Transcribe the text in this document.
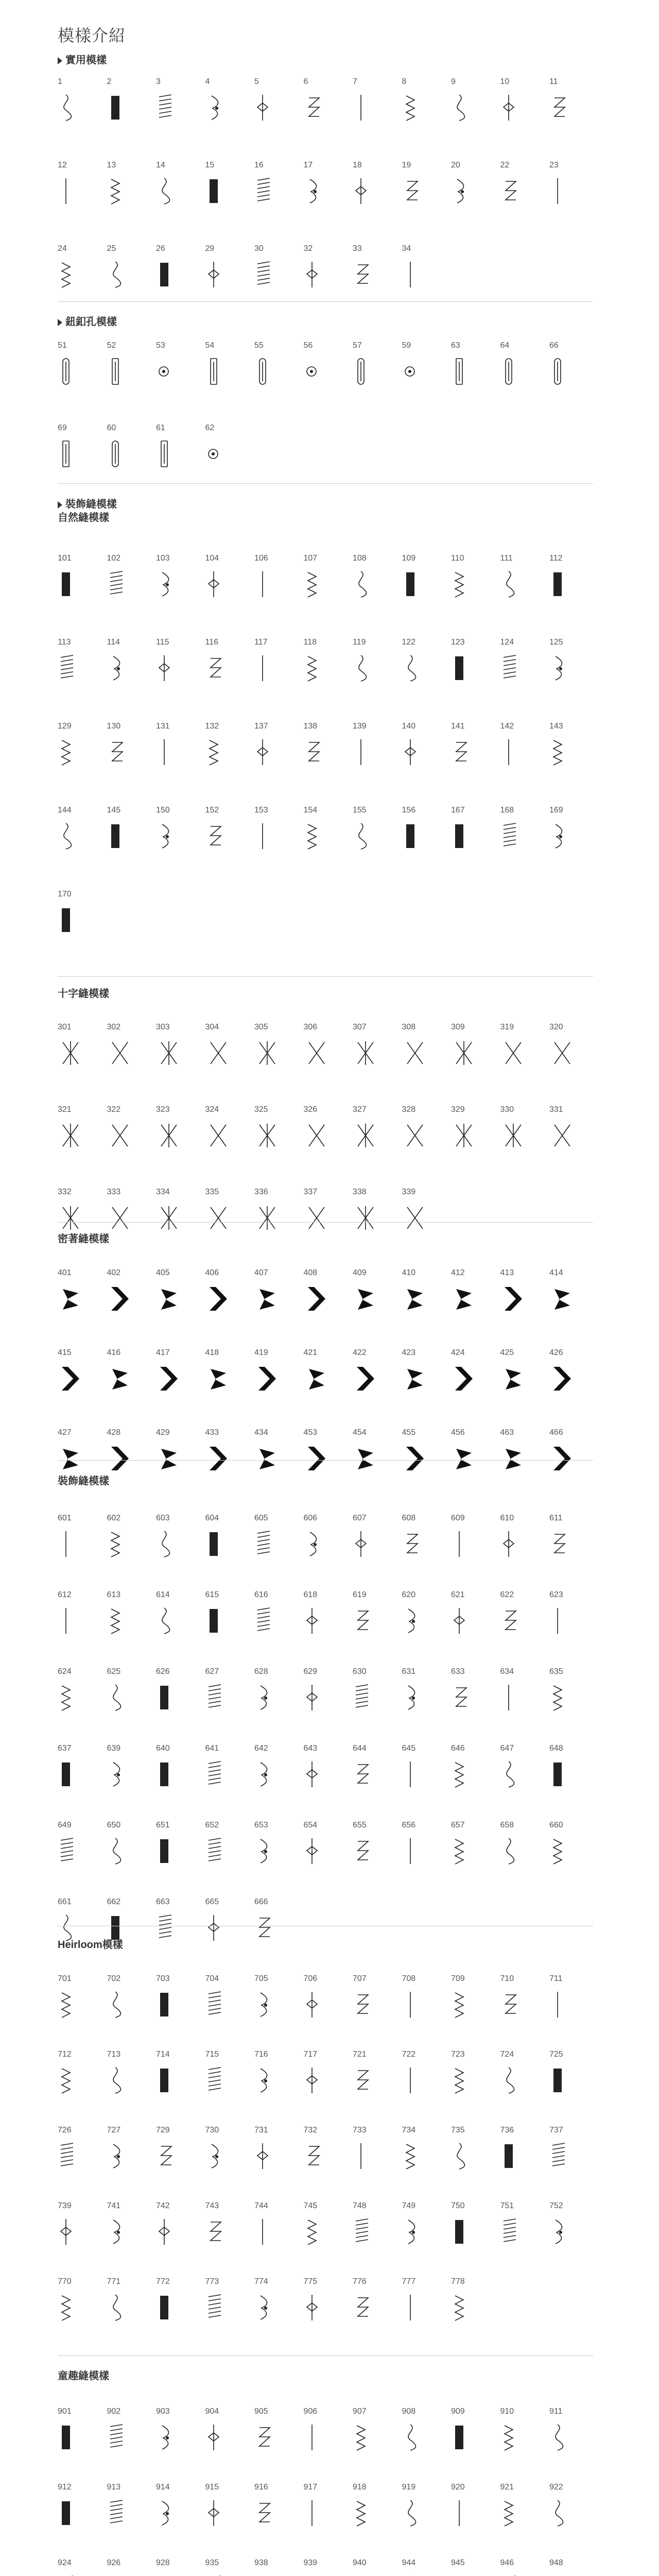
模樣介紹
實用模樣
1	2	3	4	5	6	7	8	9	10	11
12	13	14	15	16	17	18	19	20	22	23
24	25	26	29	30	32	33	34
鈕釦孔模樣
51	52	53	54	55	56	57	59	63	64	66
69	60	61	62
裝飾縫模樣
自然縫模樣
101	102	103	104	106	107	108	109	110	111	112
113	114	115	116	117	118	119	122	123	124	125
129	130	131	132	137	138	139	140	141	142	143
144	145	150	152	153	154	155	156	167	168	169
170
十字縫模樣
301	302	303	304	305	306	307	308	309	319	320
321	322	323	324	325	326	327	328	329	330	331
332	333	334	335	336	337	338	339
密著縫模樣
401	402	405	406	407	408	409	410	412	413	414
415	416	417	418	419	421	422	423	424	425	426
427	428	429	433	434	453	454	455	456	463	466
裝飾縫模樣
601	602	603	604	605	606	607	608	609	610	611
612	613	614	615	616	618	619	620	621	622	623
624	625	626	627	628	629	630	631	633	634	635
637	639	640	641	642	643	644	645	646	647	648
649	650	651	652	653	654	655	656	657	658	660
661	662	663	665	666
Heirloom模樣
701	702	703	704	705	706	707	708	709	710	711
712	713	714	715	716	717	721	722	723	724	725
726	727	729	730	731	732	733	734	735	736	737
739	741	742	743	744	745	748	749	750	751	752
770	771	772	773	774	775	776	777	778
童趣縫模樣
901	902	903	904	905	906	907	908	909	910	911
912	913	914	915	916	917	918	919	920	921	922
924	926	928	935	938	939	940	944	945	946	948
